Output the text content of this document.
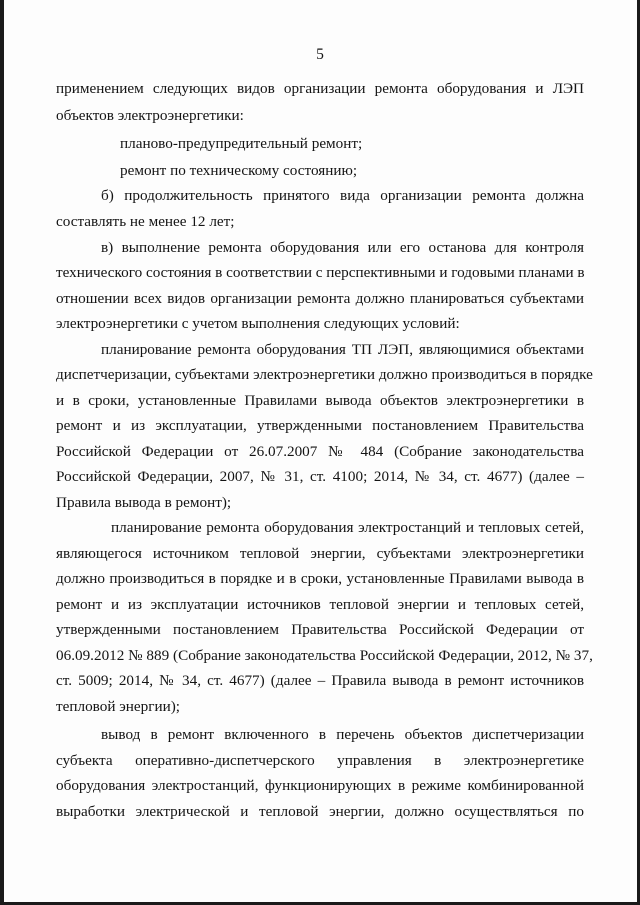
5
применением следующих видов организации ремонта оборудования и ЛЭП
объектов электроэнергетики:
планово-предупредительный ремонт;
ремонт по техническому состоянию;
б) продолжительность принятого вида организации ремонта должна
составлять не менее 12 лет;
в) выполнение ремонта оборудования или его останова для контроля
технического состояния в соответствии с перспективными и годовыми планами в
отношении всех видов организации ремонта должно планироваться субъектами
электроэнергетики с учетом выполнения следующих условий:
планирование ремонта оборудования ТП ЛЭП, являющимися объектами
диспетчеризации, субъектами электроэнергетики должно производиться в порядке
и в сроки, установленные Правилами вывода объектов электроэнергетики в
ремонт и из эксплуатации, утвержденными постановлением Правительства
Российской Федерации от 26.07.2007 № 484 (Собрание законодательства
Российской Федерации, 2007, № 31, ст. 4100; 2014, № 34, ст. 4677) (далее –
Правила вывода в ремонт);
планирование ремонта оборудования электростанций и тепловых сетей,
являющегося источником тепловой энергии, субъектами электроэнергетики
должно производиться в порядке и в сроки, установленные Правилами вывода в
ремонт и из эксплуатации источников тепловой энергии и тепловых сетей,
утвержденными постановлением Правительства Российской Федерации от
06.09.2012 № 889 (Собрание законодательства Российской Федерации, 2012, № 37,
ст. 5009; 2014, № 34, ст. 4677) (далее – Правила вывода в ремонт источников
тепловой энергии);
вывод в ремонт включенного в перечень объектов диспетчеризации
субъекта оперативно-диспетчерского управления в электроэнергетике
оборудования электростанций, функционирующих в режиме комбинированной
выработки электрической и тепловой энергии, должно осуществляться по
